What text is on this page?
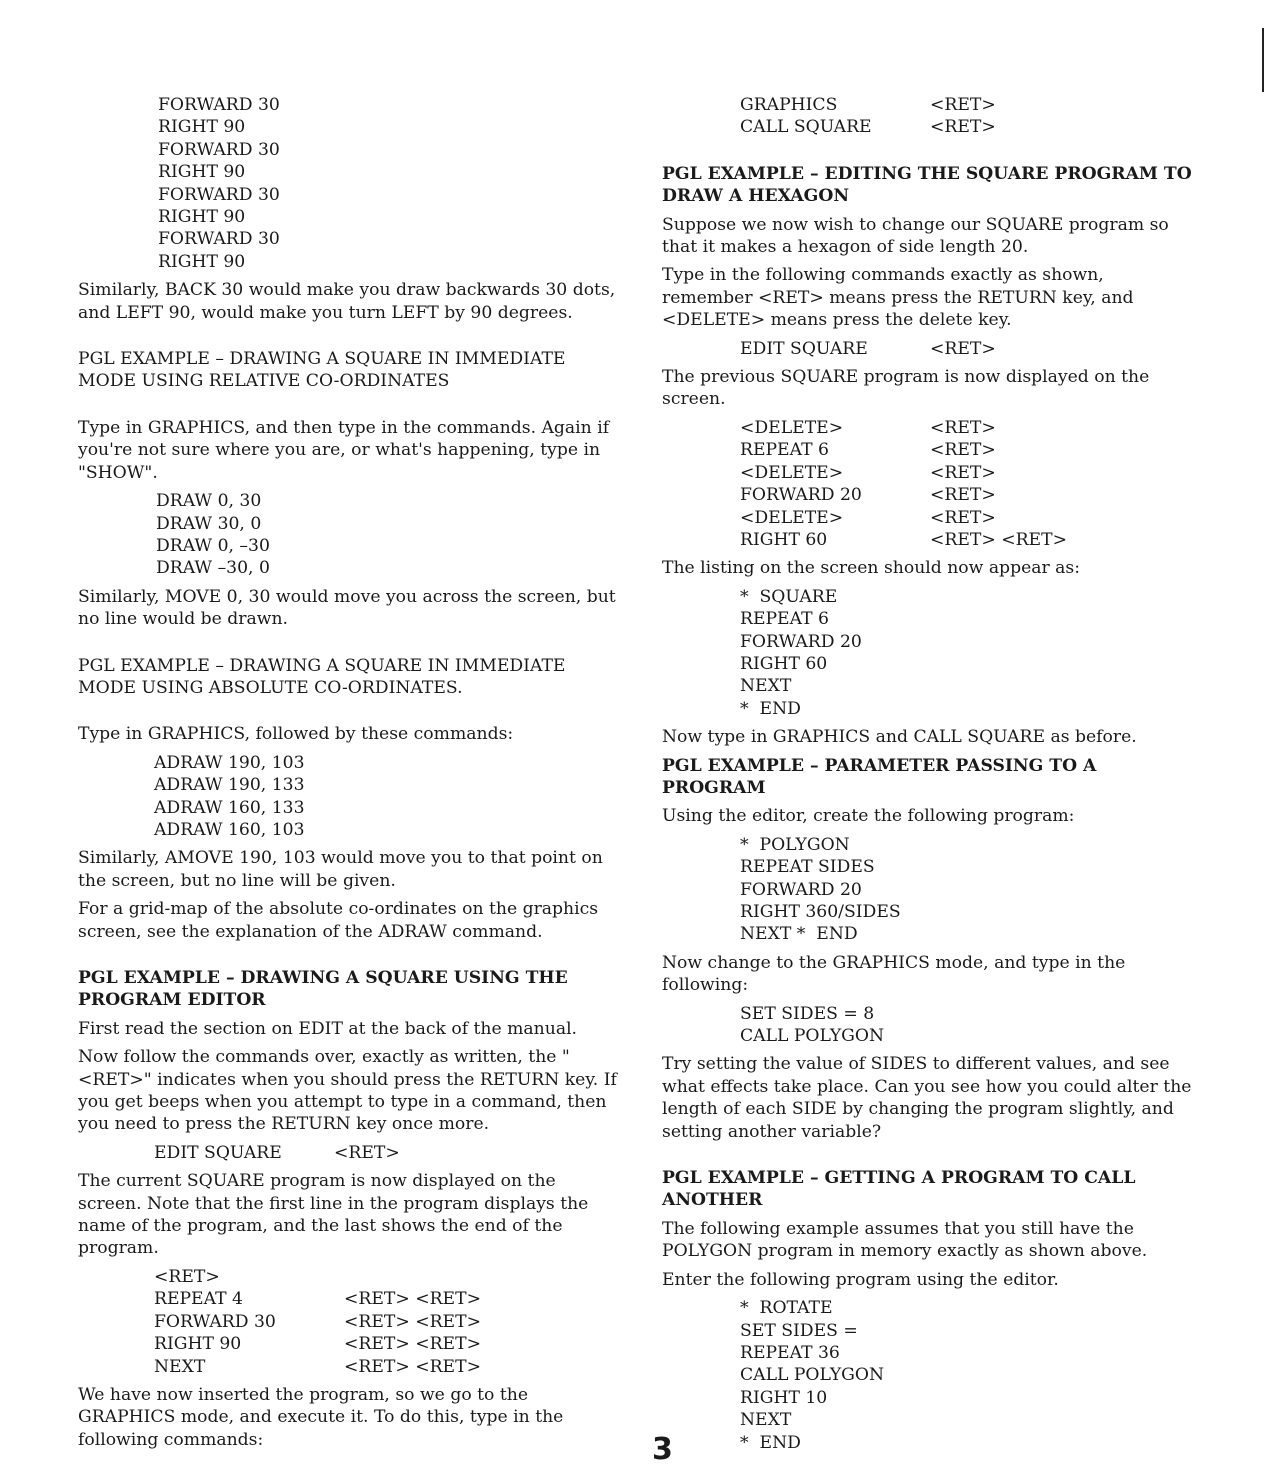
FORWARD 30
RIGHT 90
FORWARD 30
RIGHT 90
FORWARD 30
RIGHT 90
FORWARD 30
RIGHT 90
Similarly, BACK 30 would make you draw backwards 30 dots, and LEFT 90, would make you turn LEFT by 90 degrees.
PGL EXAMPLE – DRAWING A SQUARE IN IMMEDIATE MODE USING RELATIVE CO-ORDINATES
Type in GRAPHICS, and then type in the commands. Again if you're not sure where you are, or what's happening, type in "SHOW".
DRAW 0, 30
DRAW 30, 0
DRAW 0, –30
DRAW –30, 0
Similarly, MOVE 0, 30 would move you across the screen, but no line would be drawn.
PGL EXAMPLE – DRAWING A SQUARE IN IMMEDIATE MODE USING ABSOLUTE CO-ORDINATES.
Type in GRAPHICS, followed by these commands:
ADRAW 190, 103
ADRAW 190, 133
ADRAW 160, 133
ADRAW 160, 103
Similarly, AMOVE 190, 103 would move you to that point on the screen, but no line will be given.
For a grid-map of the absolute co-ordinates on the graphics screen, see the explanation of the ADRAW command.
PGL EXAMPLE – DRAWING A SQUARE USING THE PROGRAM EDITOR
First read the section on EDIT at the back of the manual.
Now follow the commands over, exactly as written, the "<RET>" indicates when you should press the RETURN key. If you get beeps when you attempt to type in a command, then you need to press the RETURN key once more.
EDIT SQUARE	<RET>
The current SQUARE program is now displayed on the screen. Note that the first line in the program displays the name of the program, and the last shows the end of the program.
<RET>
REPEAT 4	<RET> <RET>
FORWARD 30	<RET> <RET>
RIGHT 90	<RET> <RET>
NEXT	<RET> <RET>
We have now inserted the program, so we go to the GRAPHICS mode, and execute it. To do this, type in the following commands:
GRAPHICS	<RET>
CALL SQUARE	<RET>
PGL EXAMPLE – EDITING THE SQUARE PROGRAM TO DRAW A HEXAGON
Suppose we now wish to change our SQUARE program so that it makes a hexagon of side length 20.
Type in the following commands exactly as shown, remember <RET> means press the RETURN key, and <DELETE> means press the delete key.
EDIT SQUARE	<RET>
The previous SQUARE program is now displayed on the screen.
<DELETE>	<RET>
REPEAT 6	<RET>
<DELETE>	<RET>
FORWARD 20	<RET>
<DELETE>	<RET>
RIGHT 60	<RET> <RET>
The listing on the screen should now appear as:
*  SQUARE
REPEAT 6
FORWARD 20
RIGHT 60
NEXT
*  END
Now type in GRAPHICS and CALL SQUARE as before.
PGL EXAMPLE – PARAMETER PASSING TO A PROGRAM
Using the editor, create the following program:
*  POLYGON
REPEAT SIDES
FORWARD 20
RIGHT 360/SIDES
NEXT *  END
Now change to the GRAPHICS mode, and type in the following:
SET SIDES = 8
CALL POLYGON
Try setting the value of SIDES to different values, and see what effects take place. Can you see how you could alter the length of each SIDE by changing the program slightly, and setting another variable?
PGL EXAMPLE – GETTING A PROGRAM TO CALL ANOTHER
The following example assumes that you still have the POLYGON program in memory exactly as shown above.
Enter the following program using the editor.
*  ROTATE
SET SIDES =
REPEAT 36
CALL POLYGON
RIGHT 10
NEXT
*  END
3
